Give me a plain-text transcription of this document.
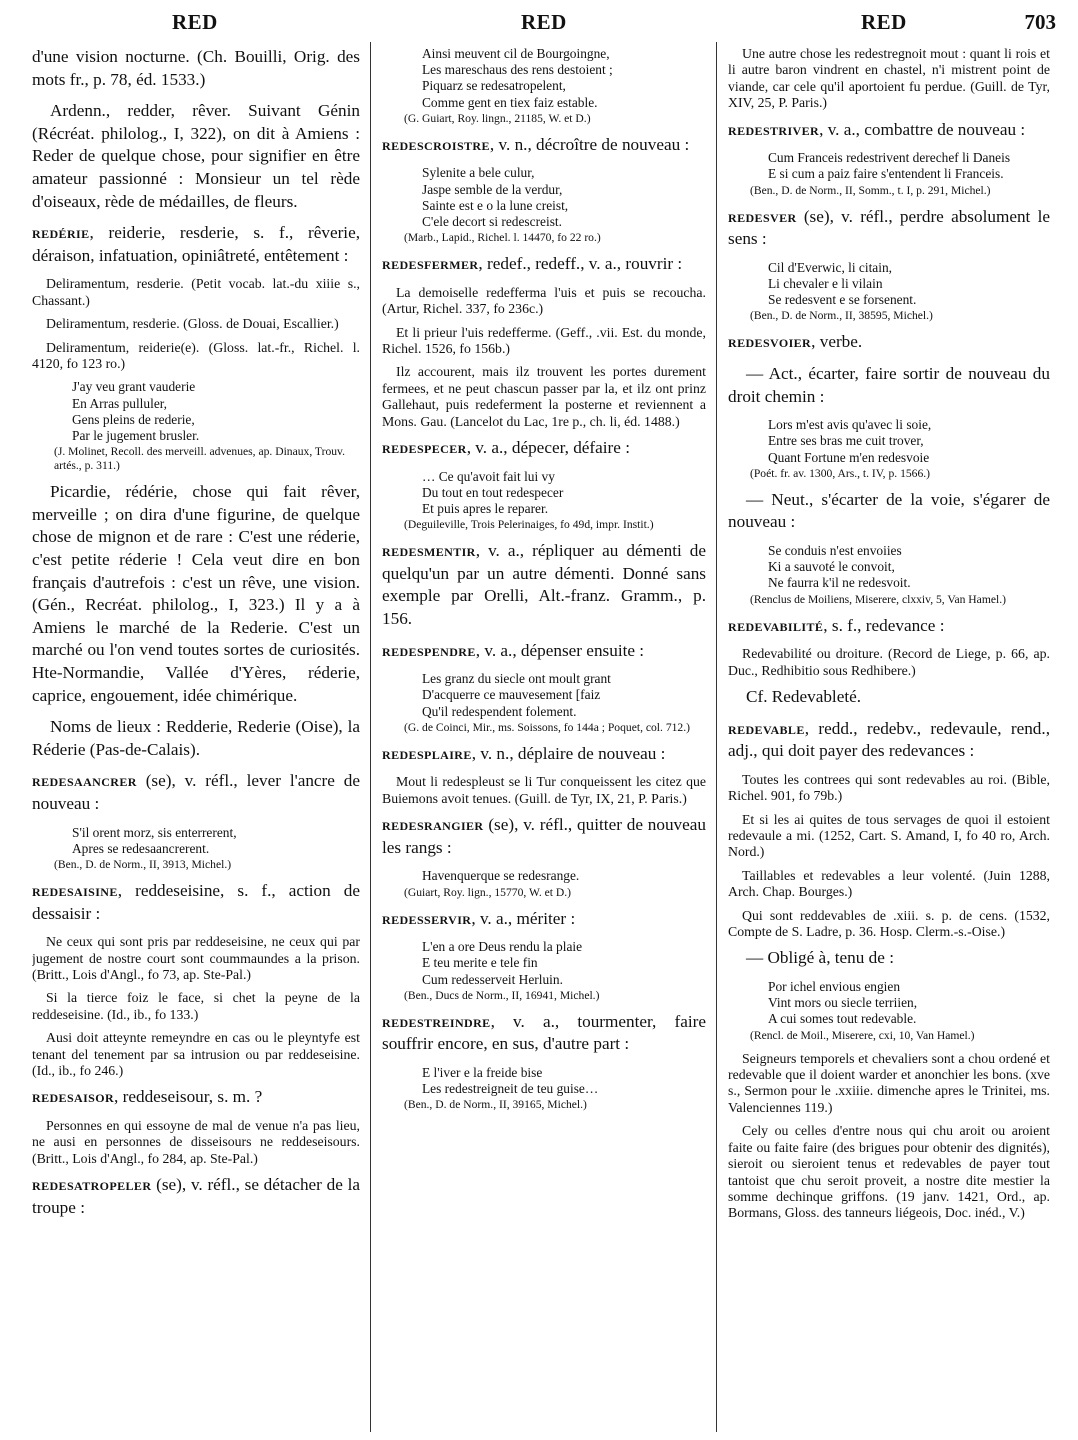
RED	RED	RED	703

d'une vision nocturne. (Ch. Bouilli, Orig. des mots fr., p. 78, éd. 1533.)

Ardenn., redder, rêver. Suivant Génin (Récréat. philolog., I, 322), on dit à Amiens : Reder de quelque chose, pour signifier en être amateur passionné : Monsieur un tel rède d'oiseaux, rède de médailles, de fleurs.

redérie, reiderie, resderie, s. f., rêverie, déraison, infatuation, opiniâtreté, entêtement :

Deliramentum, resderie. (Petit vocab. lat.-du xiiie s., Chassant.)

Deliramentum, resderie. (Gloss. de Douai, Escallier.)

Deliramentum, reiderie(e). (Gloss. lat.-fr., Richel. l. 4120, fo 123 ro.)

J'ay veu grant vauderie
En Arras pulluler,
Gens pleins de rederie,
Par le jugement brusler.
(J. Molinet, Recoll. des merveill. advenues, ap. Dinaux, Trouv. artés., p. 311.)

Picardie, rédérie, chose qui fait rêver, merveille ; on dira d'une figurine, de quelque chose de mignon et de rare : C'est une réderie, c'est petite réderie ! Cela veut dire en bon français d'autrefois : c'est un rêve, une vision. (Gén., Recréat. philolog., I, 323.) Il y a à Amiens le marché de la Rederie. C'est un marché ou l'on vend toutes sortes de curiosités. Hte-Normandie, Vallée d'Yères, réderie, caprice, engouement, idée chimérique.

Noms de lieux : Redderie, Rederie (Oise), la Réderie (Pas-de-Calais).

redesaancrer (se), v. réfl., lever l'ancre de nouveau :

S'il orent morz, sis enterrerent,
Apres se redesaancrerent.
(Ben., D. de Norm., II, 3913, Michel.)

redesaisine, reddeseisine, s. f., action de dessaisir :

Ne ceux qui sont pris par reddeseisine, ne ceux qui par jugement de nostre court sont coummaundes a la prison. (Britt., Lois d'Angl., fo 73, ap. Ste-Pal.)

Si la tierce foiz le face, si chet la peyne de la reddeseisine. (Id., ib., fo 133.)

Ausi doit atteynte remeyndre en cas ou le pleyntyfe est tenant del tenement par sa intrusion ou par reddeseisine. (Id., ib., fo 246.)

redesaisor, reddeseisour, s. m. ?

Personnes en qui essoyne de mal de venue n'a pas lieu, ne ausi en personnes de disseisours ne reddeseisours. (Britt., Lois d'Angl., fo 284, ap. Ste-Pal.)

redesatropeler (se), v. réfl., se détacher de la troupe :

Ainsi meuvent cil de Bourgoingne,
Les mareschaus des rens destoient ;
Piquarz se redesatropelent,
Comme gent en tiex faiz estable.
(G. Guiart, Roy. lingn., 21185, W. et D.)

redescroistre, v. n., décroître de nouveau :

Sylenite a bele culur,
Jaspe semble de la verdur,
Sainte est e o la lune creist,
C'ele decort si redescreist.
(Marb., Lapid., Richel. l. 14470, fo 22 ro.)

redesfermer, redef., redeff., v. a., rouvrir :

La demoiselle redefferma l'uis et puis se recoucha. (Artur, Richel. 337, fo 236c.)

Et li prieur l'uis redefferme. (Geff., .vii. Est. du monde, Richel. 1526, fo 156b.)

Ilz accourent, mais ilz trouvent les portes durement fermees, et ne peut chascun passer par la, et ilz ont prinz Gallehaut, puis redeferment la posterne et reviennent a Mons. Gau. (Lancelot du Lac, 1re p., ch. li, éd. 1488.)

redespecer, v. a., dépecer, défaire :

… Ce qu'avoit fait lui vy
Du tout en tout redespecer
Et puis apres le reparer.
(Deguileville, Trois Pelerinaiges, fo 49d, impr. Instit.)

redesmentir, v. a., répliquer au démenti de quelqu'un par un autre démenti. Donné sans exemple par Orelli, Alt.-franz. Gramm., p. 156.

redespendre, v. a., dépenser ensuite :

Les granz du siecle ont moult grant
D'acquerre ce mauvesement [faiz
Qu'il redespendent folement.
(G. de Coinci, Mir., ms. Soissons, fo 144a ; Poquet, col. 712.)

redesplaire, v. n., déplaire de nouveau :

Mout li redespleust se li Tur conqueissent les citez que Buiemons avoit tenues. (Guill. de Tyr, IX, 21, P. Paris.)

redesrangier (se), v. réfl., quitter de nouveau les rangs :

Havenquerque se redesrange.
(Guiart, Roy. lign., 15770, W. et D.)

redesservir, v. a., mériter :

L'en a ore Deus rendu la plaie
E teu merite e tele fin
Cum redesserveit Herluin.
(Ben., Ducs de Norm., II, 16941, Michel.)

redestreindre, v. a., tourmenter, faire souffrir encore, en sus, d'autre part :

E l'iver e la freide bise
Les redestreigneit de teu guise…
(Ben., D. de Norm., II, 39165, Michel.)

Une autre chose les redestregnoit mout : quant li rois et li autre baron vindrent en chastel, n'i mistrent point de viande, car cele qu'il aportoient fu perdue. (Guill. de Tyr, XIV, 25, P. Paris.)

redestriver, v. a., combattre de nouveau :

Cum Franceis redestrivent derechef li Daneis
E si cum a paiz faire s'entendent li Franceis.
(Ben., D. de Norm., II, Somm., t. I, p. 291, Michel.)

redesver (se), v. réfl., perdre absolument le sens :

Cil d'Everwic, li citain,
Li chevaler e li vilain
Se redesvent e se forsenent.
(Ben., D. de Norm., II, 38595, Michel.)

redesvoier, verbe.

— Act., écarter, faire sortir de nouveau du droit chemin :

Lors m'est avis qu'avec li soie,
Entre ses bras me cuit trover,
Quant Fortune m'en redesvoie
(Poét. fr. av. 1300, Ars., t. IV, p. 1566.)

— Neut., s'écarter de la voie, s'égarer de nouveau :

Se conduis n'est envoiies
Ki a sauvoté le convoit,
Ne faurra k'il ne redesvoit.
(Renclus de Moiliens, Miserere, clxxiv, 5, Van Hamel.)

redevabilité, s. f., redevance :

Redevabilité ou droiture. (Record de Liege, p. 66, ap. Duc., Redhibitio sous Redhibere.)

Cf. Redevableté.

redevable, redd., redebv., redevaule, rend., adj., qui doit payer des redevances :

Toutes les contrees qui sont redevables au roi. (Bible, Richel. 901, fo 79b.)

Et si les ai quites de tous servages de quoi il estoient redevaule a mi. (1252, Cart. S. Amand, I, fo 40 ro, Arch. Nord.)

Taillables et redevables a leur volenté. (Juin 1288, Arch. Chap. Bourges.)

Qui sont reddevables de .xiii. s. p. de cens. (1532, Compte de S. Ladre, p. 36. Hosp. Clerm.-s.-Oise.)

— Obligé à, tenu de :

Por ichel envious engien
Vint mors ou siecle terriien,
A cui somes tout redevable.
(Rencl. de Moil., Miserere, cxi, 10, Van Hamel.)

Seigneurs temporels et chevaliers sont a chou ordené et redevable que il doient warder et anonchier les bons. (xve s., Sermon pour le .xxiiie. dimenche apres le Trinitei, ms. Valenciennes 119.)

Cely ou celles d'entre nous qui chu aroit ou aroient faite ou faite faire (des brigues pour obtenir des dignités), sieroit ou sieroient tenus et redevables de payer tout tantoist que chu seroit proveit, a nostre dite mestier la somme dechinque griffons. (19 janv. 1421, Ord., ap. Bormans, Gloss. des tanneurs liégeois, Doc. inéd., V.)
